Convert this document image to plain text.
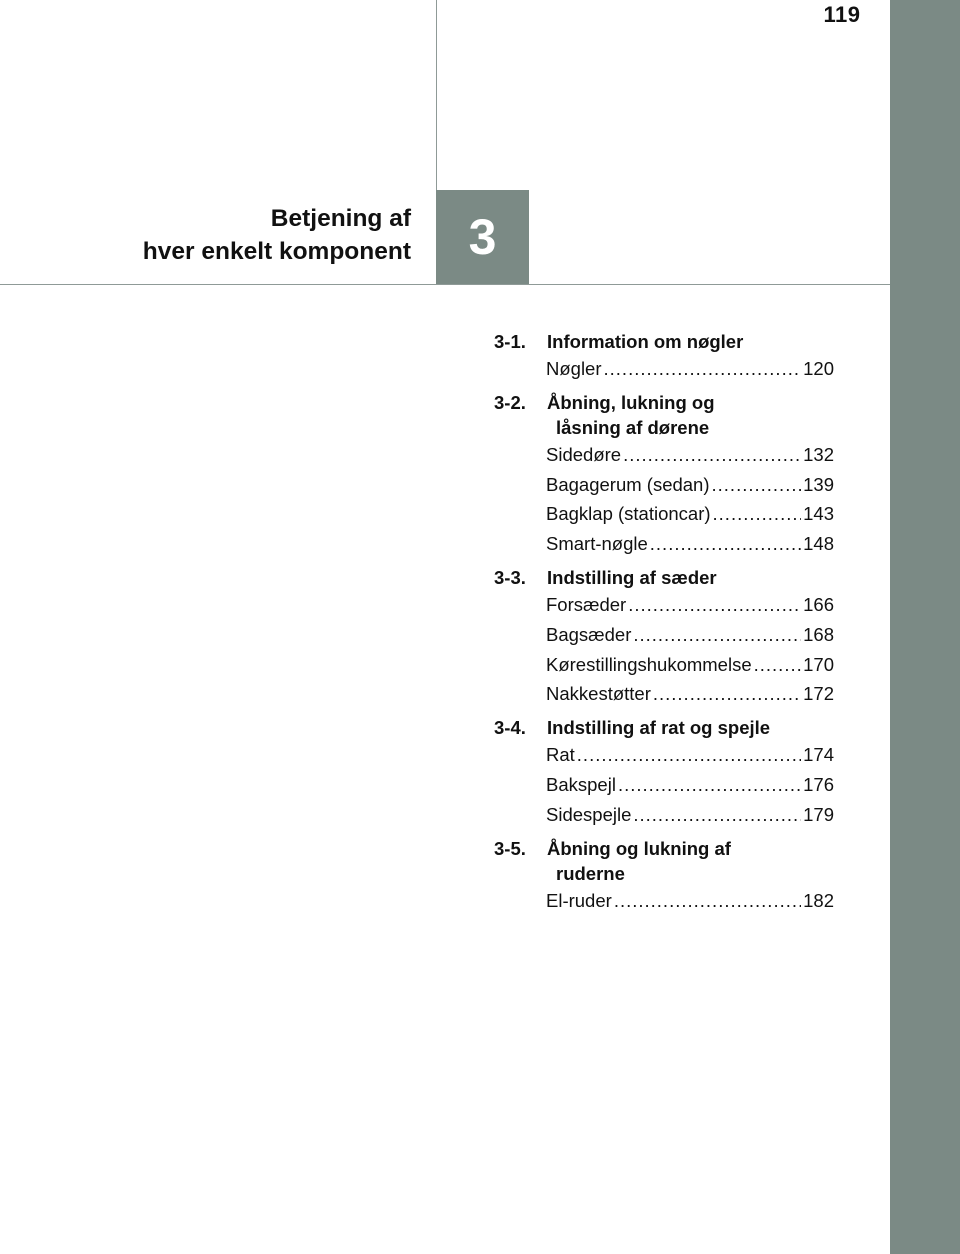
119
Betjening af
hver enkelt komponent 3
3-1. Information om nøgler
Nøgler .....	120
3-2. Åbning, lukning og
låsning af dørene
Sidedøre .....	132
Bagagerum (sedan) .....	139
Bagklap (stationcar) .....	143
Smart-nøgle .....	148
3-3. Indstilling af sæder
Forsæder .....	166
Bagsæder .....	168
Kørestillingshukommelse .....	170
Nakkestøtter .....	172
3-4. Indstilling af rat og spejle
Rat .....	174
Bakspejl .....	176
Sidespejle .....	179
3-5. Åbning og lukning af
ruderne
El-ruder .....	182
